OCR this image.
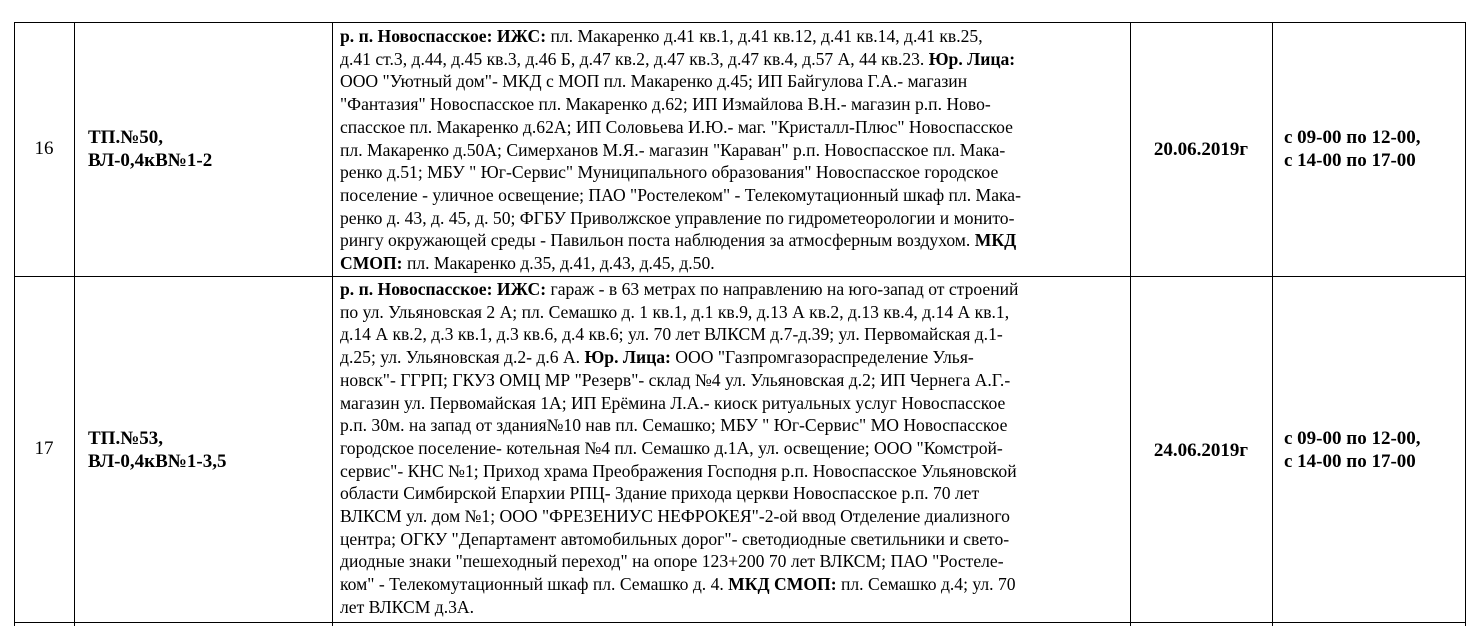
16
ТП.№50,
ВЛ-0,4кВ№1-2
р. п. Новоспасское: ИЖС: пл. Макаренко д.41 кв.1, д.41 кв.12, д.41 кв.14, д.41 кв.25,
д.41 ст.3, д.44, д.45 кв.3, д.46 Б, д.47 кв.2, д.47 кв.3, д.47 кв.4, д.57 А, 44 кв.23. Юр. Лица:
ООО "Уютный дом"- МКД с МОП пл. Макаренко д.45; ИП Байгулова Г.А.- магазин
"Фантазия" Новоспасское пл. Макаренко д.62; ИП Измайлова В.Н.- магазин р.п. Ново-
спасское пл. Макаренко д.62А; ИП Соловьева И.Ю.- маг. "Кристалл-Плюс" Новоспасское
пл. Макаренко д.50А; Симерханов М.Я.- магазин "Караван" р.п. Новоспасское пл. Мака-
ренко д.51; МБУ " Юг-Сервис" Муниципального образования" Новоспасское городское
поселение - уличное освещение; ПАО "Ростелеком" - Телекомутационный шкаф пл. Мака-
ренко д. 43, д. 45, д. 50; ФГБУ Приволжское управление по гидрометеорологии и монито-
рингу окружающей среды - Павильон поста наблюдения за атмосферным воздухом. МКД
СМОП: пл. Макаренко д.35, д.41, д.43, д.45, д.50.
20.06.2019г
с 09-00 по 12-00,
с 14-00 по 17-00
17	ТП.№53,
ВЛ-0,4кВ№1-3,5
р. п. Новоспасское: ИЖС: гараж - в 63 метрах по направлению на юго-запад от строений
по ул. Ульяновская 2 А; пл. Семашко д. 1 кв.1, д.1 кв.9, д.13 А кв.2, д.13 кв.4, д.14 А кв.1,
д.14 А кв.2, д.3 кв.1, д.3 кв.6, д.4 кв.6; ул. 70 лет ВЛКСМ д.7-д.39; ул. Первомайская д.1-
д.25; ул. Ульяновская д.2- д.6 А. Юр. Лица: ООО "Газпромгазораспределение Улья-
новск"- ГГРП; ГКУЗ ОМЦ МР "Резерв"- склад №4 ул. Ульяновская д.2; ИП Чернега А.Г.-
магазин ул. Первомайская 1А; ИП Ерёмина Л.А.- киоск ритуальных услуг Новоспасское
р.п. 30м. на запад от здания№10 нав пл. Семашко; МБУ " Юг-Сервис" МО Новоспасское
городское поселение- котельная №4 пл. Семашко д.1А, ул. освещение; ООО "Комстрой-
сервис"- КНС №1; Приход храма Преображения Господня р.п. Новоспасское Ульяновской
области Симбирской Епархии РПЦ- Здание прихода церкви Новоспасское р.п. 70 лет
ВЛКСМ ул. дом №1; ООО "ФРЕЗЕНИУС НЕФРОКЕЯ"-2-ой ввод Отделение диализного
центра; ОГКУ "Департамент автомобильных дорог"- светодиодные светильники и свето-
диодные знаки "пешеходный переход" на опоре 123+200 70 лет ВЛКСМ; ПАО "Ростеле-
ком" - Телекомутационный шкаф пл. Семашко д. 4. МКД СМОП: пл. Семашко д.4; ул. 70
лет ВЛКСМ д.3А.
24.06.2019г
с 09-00 по 12-00,
с 14-00 по 17-00
